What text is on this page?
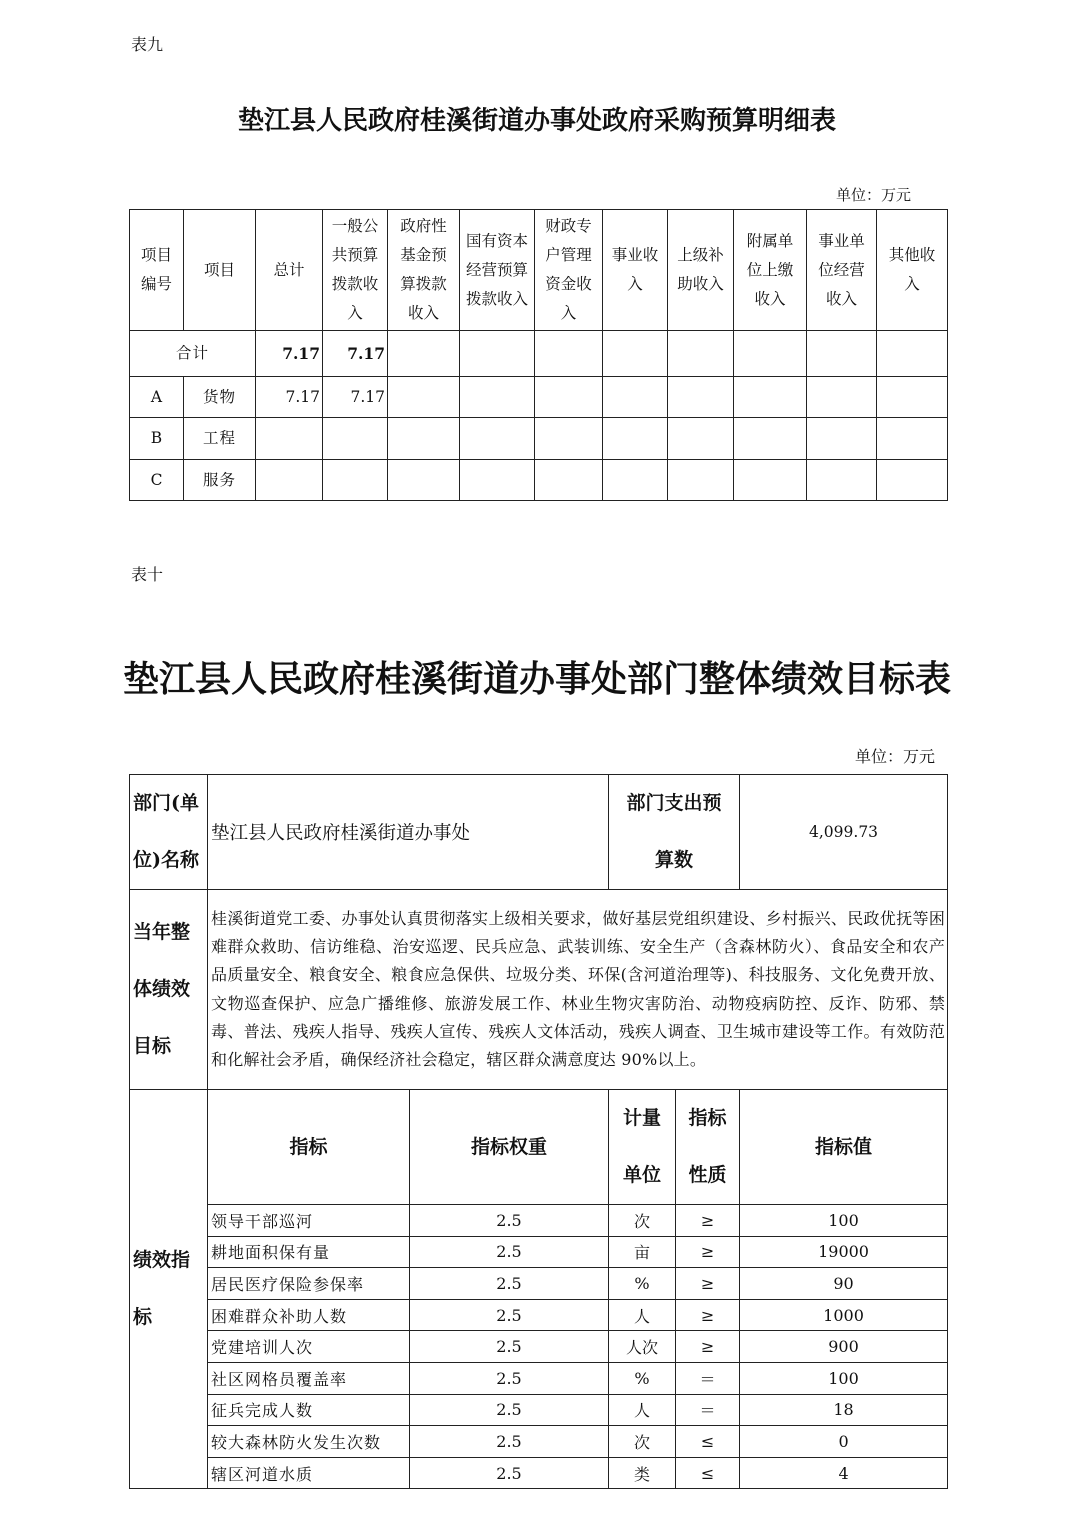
表九
垫江县人民政府桂溪街道办事处政府采购预算明细表
单位：万元
项目编号	项目	总计	一般公共预算拨款收入	政府性基金预算拨款收入	国有资本经营预算拨款收入	财政专户管理资金收入	事业收入	上级补助收入	附属单位上缴收入	事业单位经营收入	其他收入
合计		7.17	7.17								
A	货物	7.17	7.17								
B	工程										
C	服务										
表十
垫江县人民政府桂溪街道办事处部门整体绩效目标表
单位：万元
部门(单位)名称	垫江县人民政府桂溪街道办事处		部门支出预算数		4,099.73
当年整体绩效目标	桂溪街道党工委、办事处认真贯彻落实上级相关要求，做好基层党组织建设、乡村振兴、民政优抚等困难群众救助、信访维稳、治安巡逻、民兵应急、武装训练、安全生产（含森林防火）、食品安全和农产品质量安全、粮食安全、粮食应急保供、垃圾分类、环保(含河道治理等)、科技服务、文化免费开放、文物巡查保护、应急广播维修、旅游发展工作、林业生物灾害防治、动物疫病防控、反诈、防邪、禁毒、普法、残疾人指导、残疾人宣传、残疾人文体活动，残疾人调查、卫生城市建设等工作。有效防范和化解社会矛盾，确保经济社会稳定，辖区群众满意度达 90%以上。				
绩效指标	指标	指标权重	计量单位	指标性质	指标值
	领导干部巡河	2.5	次	≥	100
	耕地面积保有量	2.5	亩	≥	19000
	居民医疗保险参保率	2.5	%	≥	90
	困难群众补助人数	2.5	人	≥	1000
	党建培训人次	2.5	人次	≥	900
	社区网格员覆盖率	2.5	%	＝	100
	征兵完成人数	2.5	人	＝	18
	较大森林防火发生次数	2.5	次	≤	0
	辖区河道水质	2.5	类	≤	4
